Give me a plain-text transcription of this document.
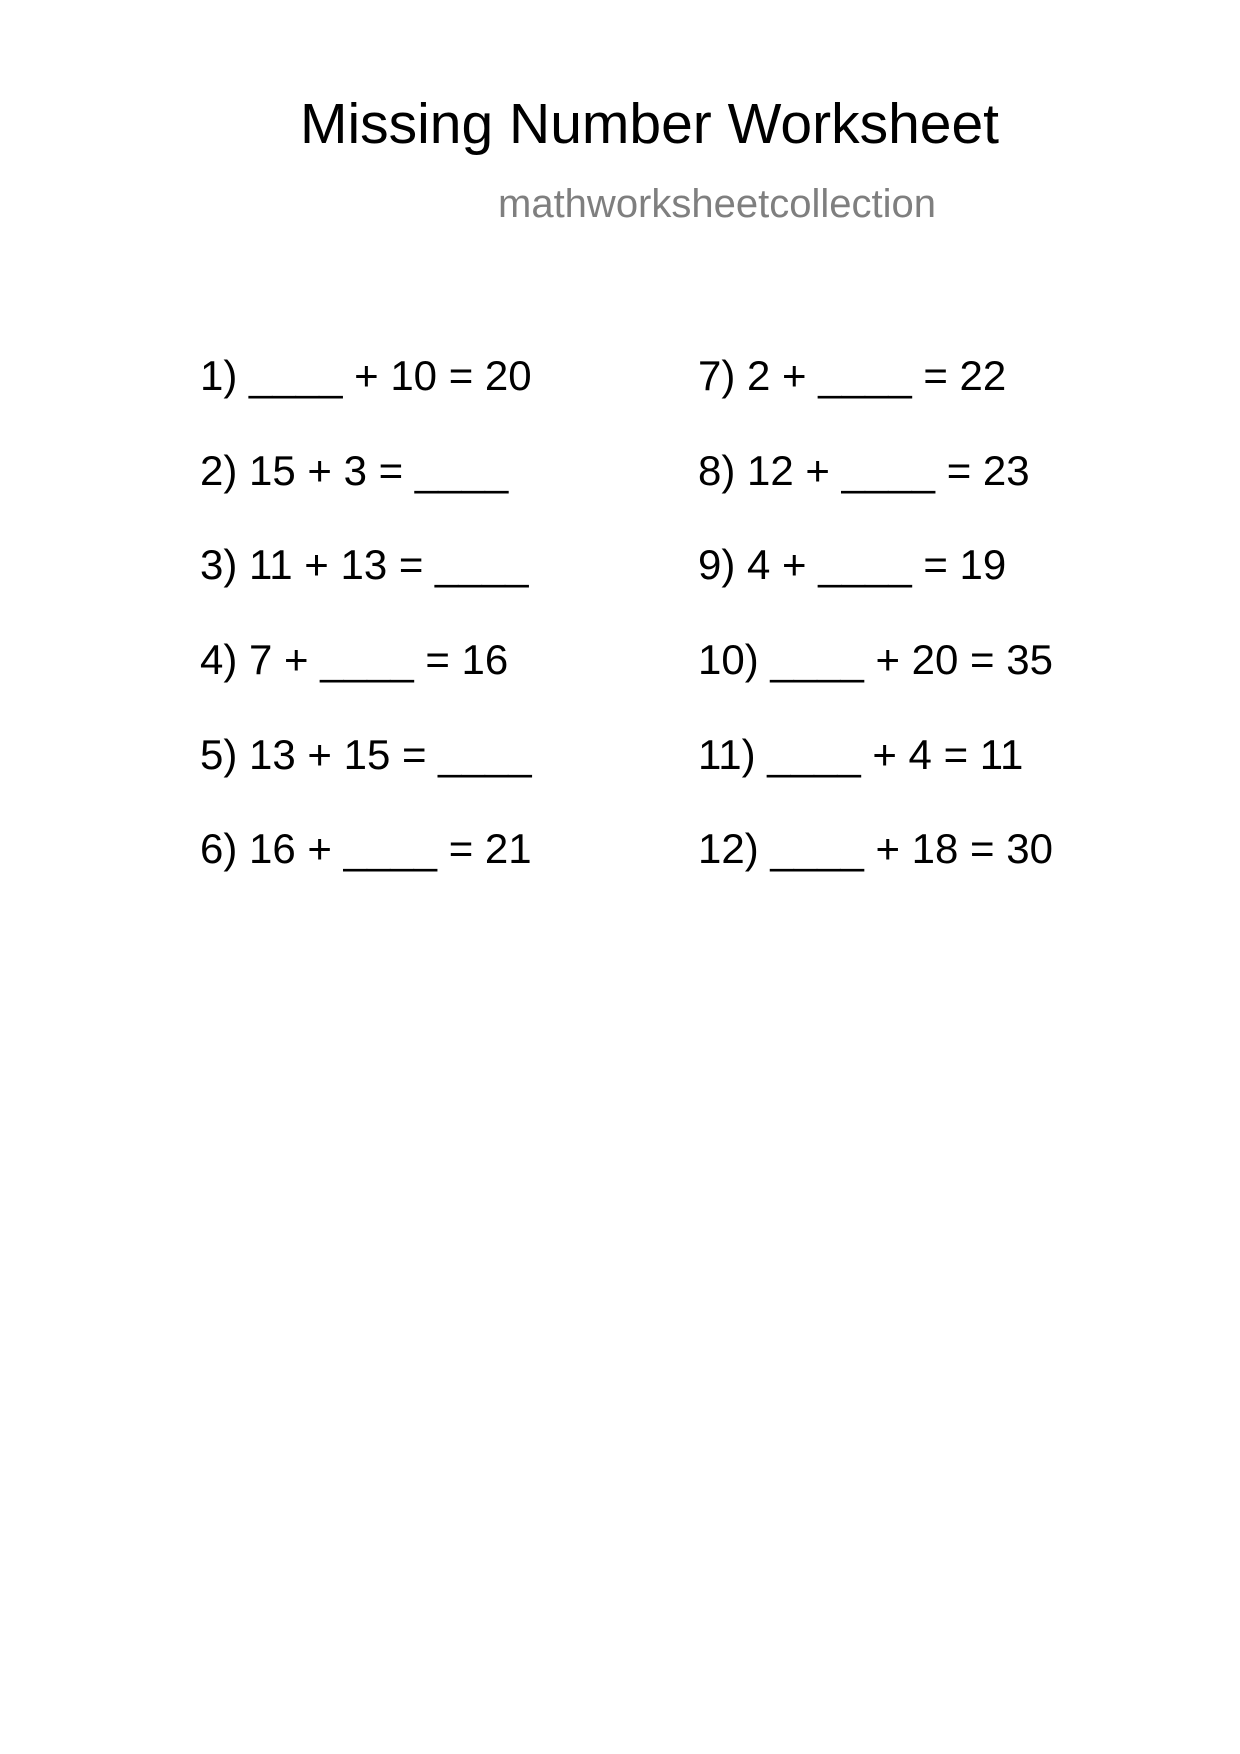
Missing Number Worksheet
mathworksheetcollection
1) ____ + 10 = 20
2) 15 + 3 = ____
3) 11 + 13 = ____
4) 7 + ____ = 16
5) 13 + 15 = ____
6) 16 + ____ = 21
7) 2 + ____ = 22
8) 12 + ____ = 23
9) 4 + ____ = 19
10) ____ + 20 = 35
11) ____ + 4 = 11
12) ____ + 18 = 30
